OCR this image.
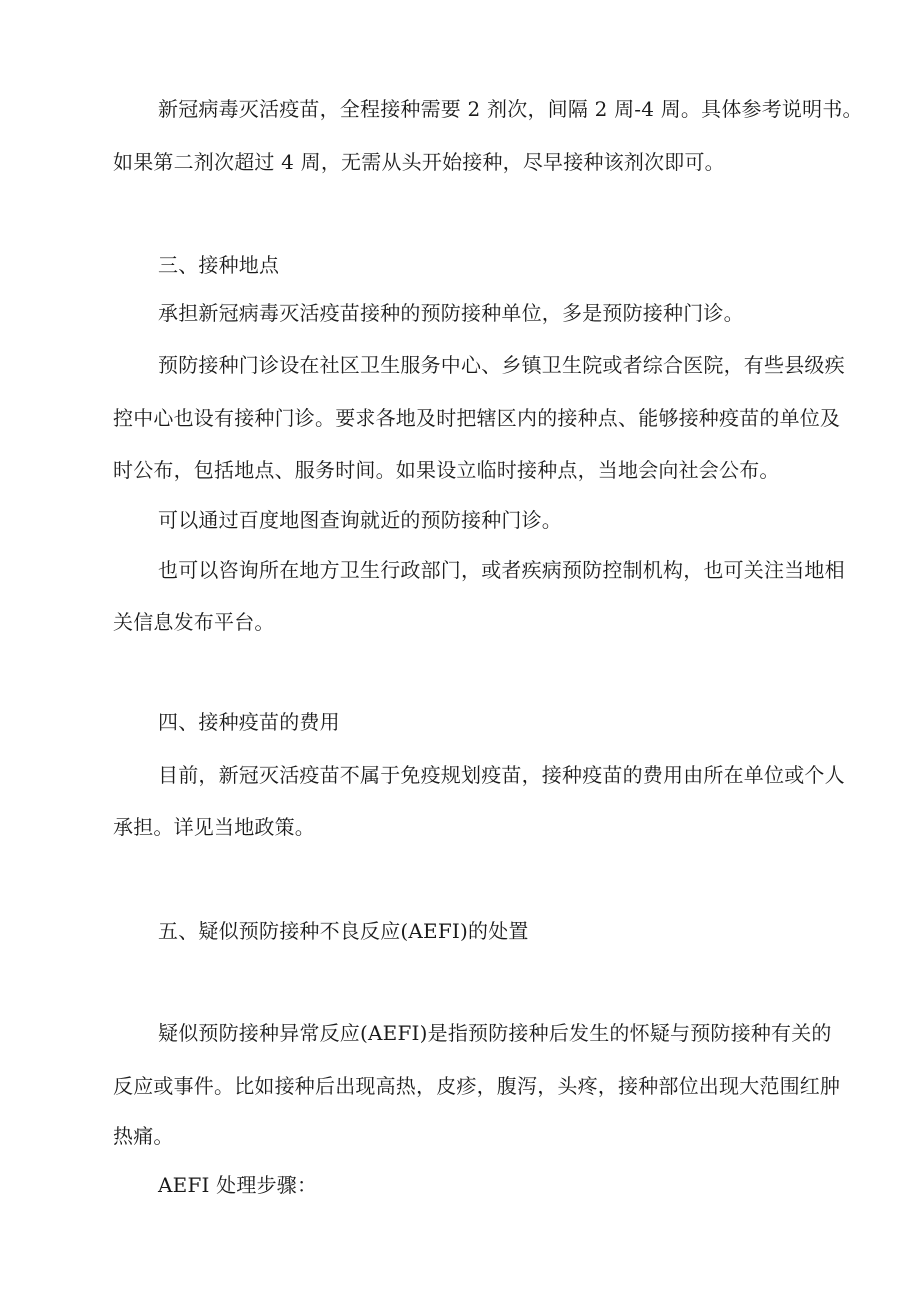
新冠病毒灭活疫苗，全程接种需要 2 剂次，间隔 2 周-4 周。具体参考说明书。
如果第二剂次超过 4 周，无需从头开始接种，尽早接种该剂次即可。
三、接种地点
承担新冠病毒灭活疫苗接种的预防接种单位，多是预防接种门诊。
预防接种门诊设在社区卫生服务中心、乡镇卫生院或者综合医院，有些县级疾
控中心也设有接种门诊。要求各地及时把辖区内的接种点、能够接种疫苗的单位及
时公布，包括地点、服务时间。如果设立临时接种点，当地会向社会公布。
可以通过百度地图查询就近的预防接种门诊。
也可以咨询所在地方卫生行政部门，或者疾病预防控制机构，也可关注当地相
关信息发布平台。
四、接种疫苗的费用
目前，新冠灭活疫苗不属于免疫规划疫苗，接种疫苗的费用由所在单位或个人
承担。详见当地政策。
五、疑似预防接种不良反应(AEFI)的处置
疑似预防接种异常反应(AEFI)是指预防接种后发生的怀疑与预防接种有关的
反应或事件。比如接种后出现高热，皮疹，腹泻，头疼，接种部位出现大范围红肿
热痛。
AEFI 处理步骤：
